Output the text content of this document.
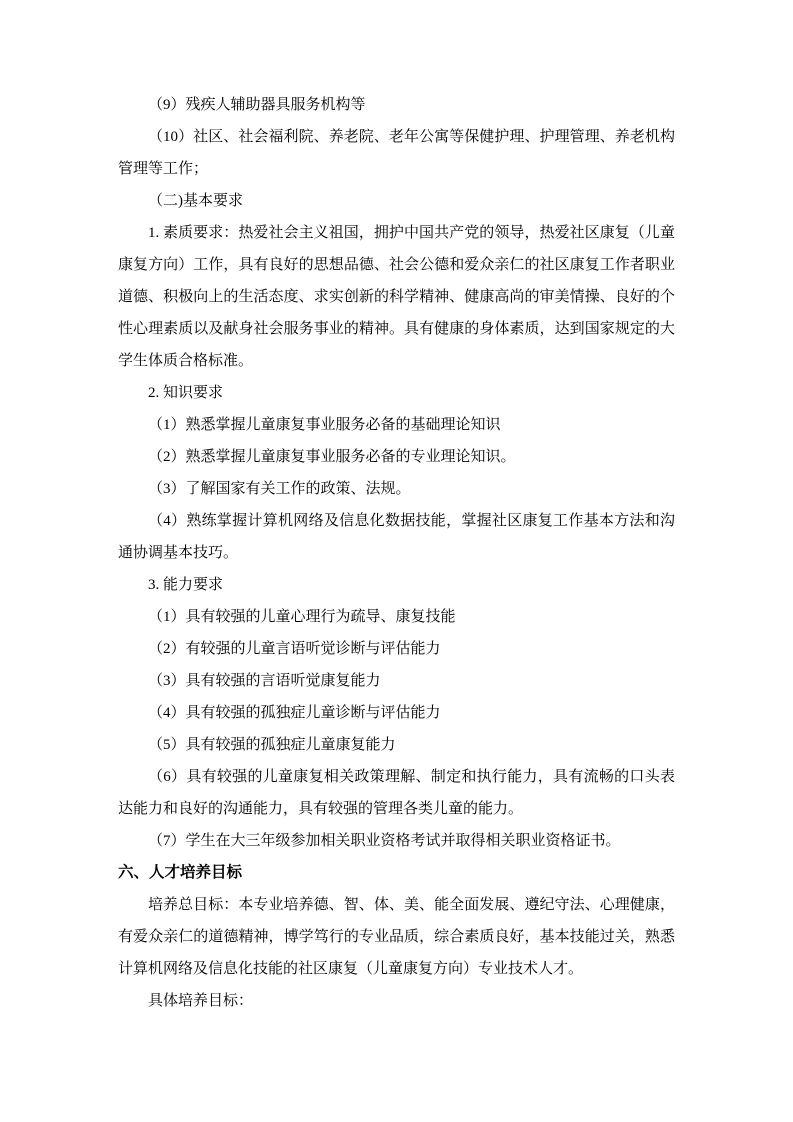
（9）残疾人辅助器具服务机构等

（10）社区、社会福利院、养老院、老年公寓等保健护理、护理管理、养老机构管理等工作；

（二)基本要求

1. 素质要求：热爱社会主义祖国，拥护中国共产党的领导，热爱社区康复（儿童康复方向）工作，具有良好的思想品德、社会公德和爱众亲仁的社区康复工作者职业道德、积极向上的生活态度、求实创新的科学精神、健康高尚的审美情操、良好的个性心理素质以及献身社会服务事业的精神。具有健康的身体素质，达到国家规定的大学生体质合格标准。

2. 知识要求

（1）熟悉掌握儿童康复事业服务必备的基础理论知识

（2）熟悉掌握儿童康复事业服务必备的专业理论知识。

（3）了解国家有关工作的政策、法规。

（4）熟练掌握计算机网络及信息化数据技能，掌握社区康复工作基本方法和沟通协调基本技巧。

3. 能力要求

（1）具有较强的儿童心理行为疏导、康复技能

（2）有较强的儿童言语听觉诊断与评估能力

（3）具有较强的言语听觉康复能力

（4）具有较强的孤独症儿童诊断与评估能力

（5）具有较强的孤独症儿童康复能力

（6）具有较强的儿童康复相关政策理解、制定和执行能力，具有流畅的口头表达能力和良好的沟通能力，具有较强的管理各类儿童的能力。

（7）学生在大三年级参加相关职业资格考试并取得相关职业资格证书。

六、人才培养目标

培养总目标：本专业培养德、智、体、美、能全面发展、遵纪守法、心理健康，有爱众亲仁的道德精神，博学笃行的专业品质，综合素质良好，基本技能过关，熟悉计算机网络及信息化技能的社区康复（儿童康复方向）专业技术人才。

具体培养目标：
